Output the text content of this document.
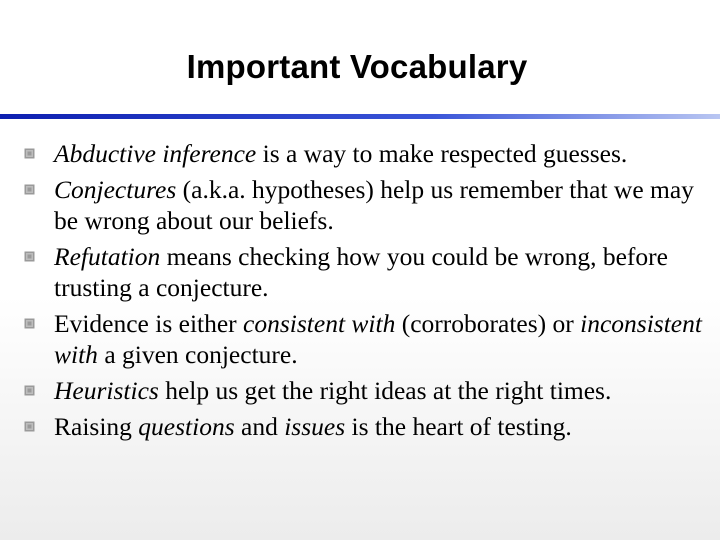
Important Vocabulary
Abductive inference is a way to make respected guesses.
Conjectures (a.k.a. hypotheses) help us remember that we may be wrong about our beliefs.
Refutation means checking how you could be wrong, before trusting a conjecture.
Evidence is either consistent with (corroborates) or inconsistent with a given conjecture.
Heuristics help us get the right ideas at the right times.
Raising questions and issues is the heart of testing.
